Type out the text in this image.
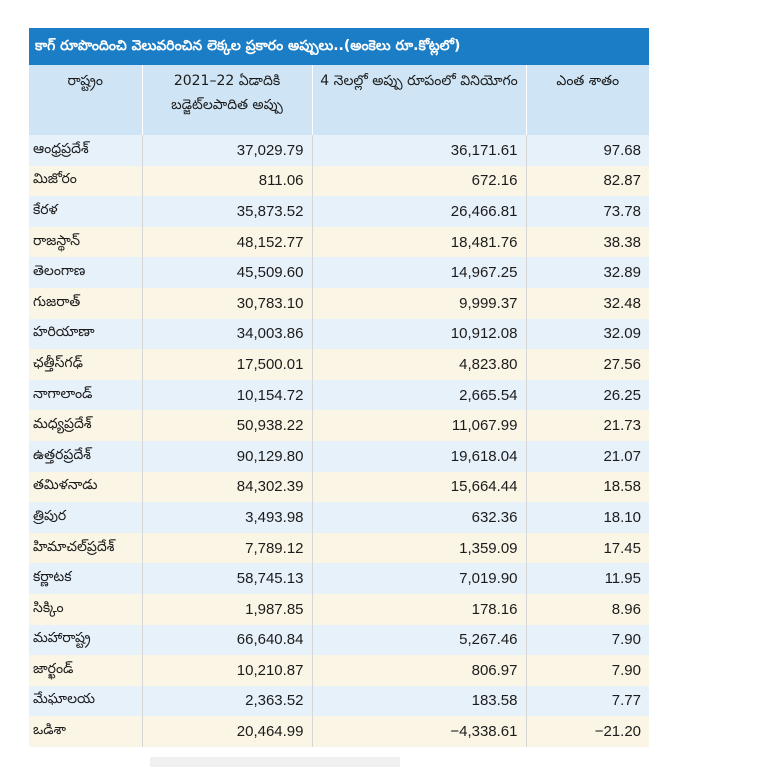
కాగ్ రూపొందించి వెలువరించిన లెక్కల ప్రకారం అప్పులు..(అంకెలు రూ.కోట్లలో)
రాష్ట్రం	2021–22 ఏడాదికి బడ్జెట్‌లపాదిత అప్పు	4 నెలల్లో అప్పు రూపంలో వినియోగం	ఎంత శాతం
ఆంధ్రప్రదేశ్	37,029.79	36,171.61	97.68
మిజోరం	811.06	672.16	82.87
కేరళ	35,873.52	26,466.81	73.78
రాజస్థాన్	48,152.77	18,481.76	38.38
తెలంగాణ	45,509.60	14,967.25	32.89
గుజరాత్	30,783.10	9,999.37	32.48
హరియాణా	34,003.86	10,912.08	32.09
ఛత్తీస్‌గఢ్	17,500.01	4,823.80	27.56
నాగాలాండ్	10,154.72	2,665.54	26.25
మధ్యప్రదేశ్	50,938.22	11,067.99	21.73
ఉత్తరప్రదేశ్	90,129.80	19,618.04	21.07
తమిళనాడు	84,302.39	15,664.44	18.58
త్రిపుర	3,493.98	632.36	18.10
హిమాచల్‌ప్రదేశ్	7,789.12	1,359.09	17.45
కర్ణాటక	58,745.13	7,019.90	11.95
సిక్కిం	1,987.85	178.16	8.96
మహారాష్ట్ర	66,640.84	5,267.46	7.90
జార్ఖండ్	10,210.87	806.97	7.90
మేఘాలయ	2,363.52	183.58	7.77
ఒడిశా	20,464.99	−4,338.61	−21.20
